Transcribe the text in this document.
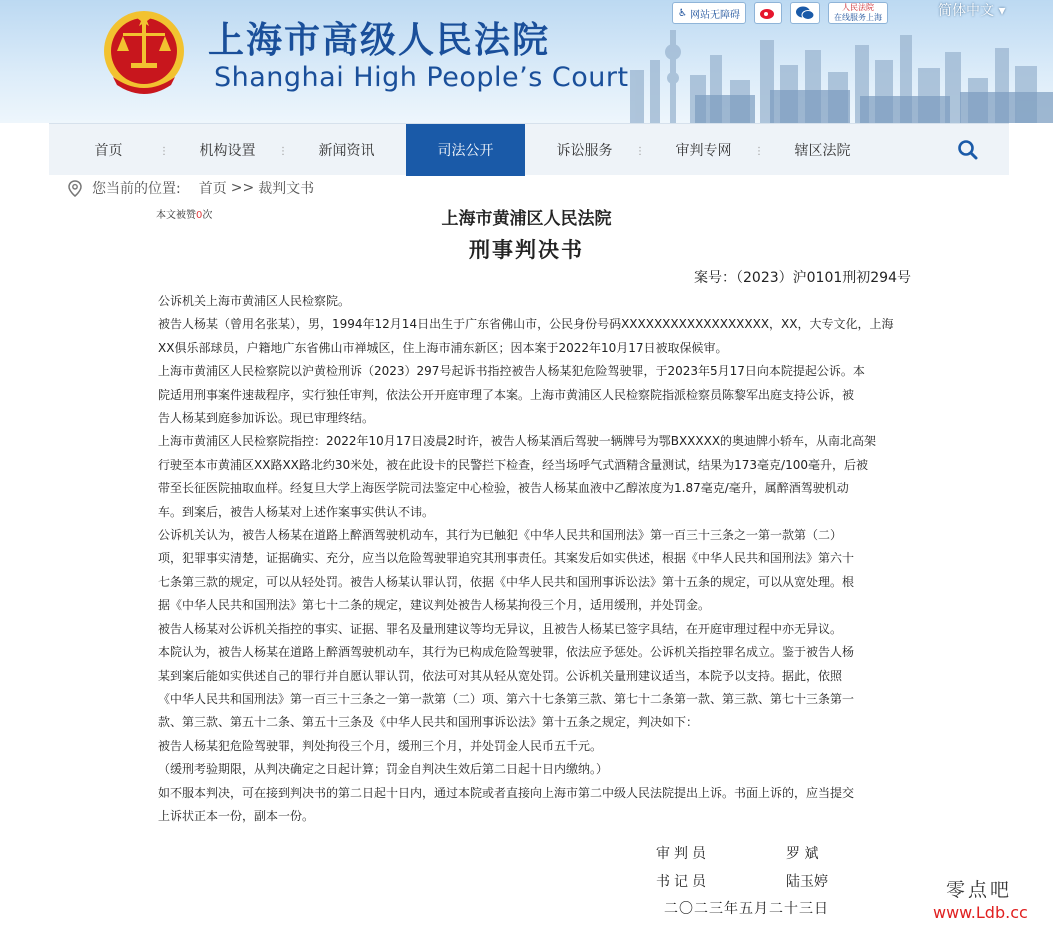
上海市高级人民法院
Shanghai High People’s Court
♿ 网站无障碍
人民法院
在线服务上海	简体中文 ▾
首页	⋮ 机构设置 ⋮ 新闻资讯	司法公开	诉讼服务 ⋮ 审判专网 ⋮ 辖区法院
您当前的位置: 首页 >> 裁判文书
本文被赞0次	上海市黄浦区人民法院
刑事判决书
案号：（2023）沪0101刑初294号

公诉机关上海市黄浦区人民检察院。

被告人杨某（曾用名张某），男，1994年12月14日出生于广东省佛山市，公民身份号码XXXXXXXXXXXXXXXXXX，XX，大专文化，上海

XX俱乐部球员，户籍地广东省佛山市禅城区，住上海市浦东新区；因本案于2022年10月17日被取保候审。

上海市黄浦区人民检察院以沪黄检刑诉（2023）297号起诉书指控被告人杨某犯危险驾驶罪，于2023年5月17日向本院提起公诉。本

院适用刑事案件速裁程序，实行独任审判，依法公开开庭审理了本案。上海市黄浦区人民检察院指派检察员陈黎军出庭支持公诉，被

告人杨某到庭参加诉讼。现已审理终结。

上海市黄浦区人民检察院指控：2022年10月17日凌晨2时许，被告人杨某酒后驾驶一辆牌号为鄂BXXXXX的奥迪牌小轿车，从南北高架

行驶至本市黄浦区XX路XX路北约30米处，被在此设卡的民警拦下检查，经当场呼气式酒精含量测试，结果为173毫克/100毫升，后被

带至长征医院抽取血样。经复旦大学上海医学院司法鉴定中心检验，被告人杨某血液中乙醇浓度为1.87毫克/毫升，属醉酒驾驶机动

车。到案后，被告人杨某对上述作案事实供认不讳。

公诉机关认为，被告人杨某在道路上醉酒驾驶机动车，其行为已触犯《中华人民共和国刑法》第一百三十三条之一第一款第（二）

项，犯罪事实清楚，证据确实、充分，应当以危险驾驶罪追究其刑事责任。其案发后如实供述，根据《中华人民共和国刑法》第六十

七条第三款的规定，可以从轻处罚。被告人杨某认罪认罚，依据《中华人民共和国刑事诉讼法》第十五条的规定，可以从宽处理。根

据《中华人民共和国刑法》第七十二条的规定，建议判处被告人杨某拘役三个月，适用缓刑，并处罚金。

被告人杨某对公诉机关指控的事实、证据、罪名及量刑建议等均无异议，且被告人杨某已签字具结，在开庭审理过程中亦无异议。

本院认为，被告人杨某在道路上醉酒驾驶机动车，其行为已构成危险驾驶罪，依法应予惩处。公诉机关指控罪名成立。鉴于被告人杨

某到案后能如实供述自己的罪行并自愿认罪认罚，依法可对其从轻从宽处罚。公诉机关量刑建议适当，本院予以支持。据此，依照

《中华人民共和国刑法》第一百三十三条之一第一款第（二）项、第六十七条第三款、第七十二条第一款、第三款、第七十三条第一

款、第三款、第五十二条、第五十三条及《中华人民共和国刑事诉讼法》第十五条之规定，判决如下：

被告人杨某犯危险驾驶罪，判处拘役三个月，缓刑三个月，并处罚金人民币五千元。

（缓刑考验期限，从判决确定之日起计算；罚金自判决生效后第二日起十日内缴纳。）

如不服本判决，可在接到判决书的第二日起十日内，通过本院或者直接向上海市第二中级人民法院提出上诉。书面上诉的，应当提交

上诉状正本一份，副本一份。

审判员	罗 斌
书记员	陆玉婷
二〇二三年五月二十三日
零点吧
www.Ldb.cc
